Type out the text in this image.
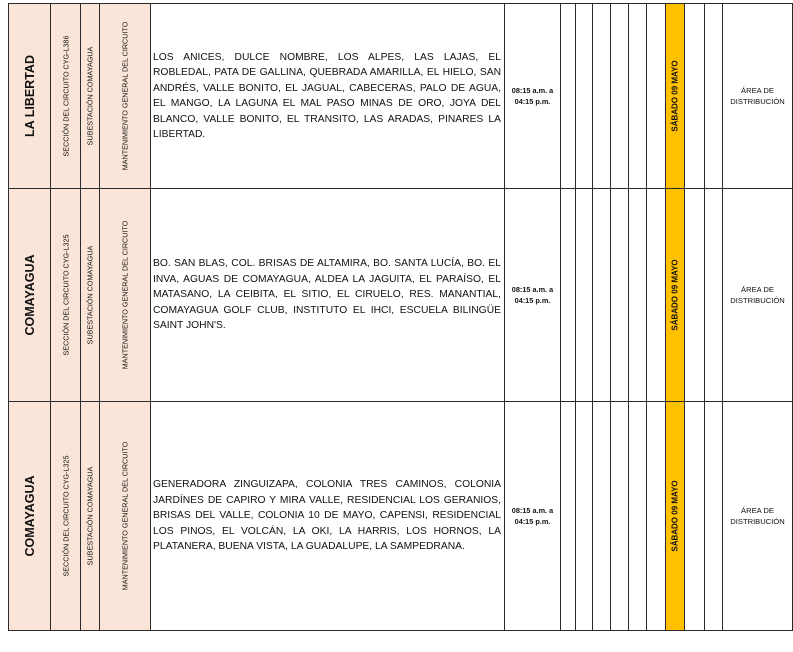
LA LIBERTAD	SECCIÓN DEL CIRCUITO CYG-L386	SUBESTACIÓN COMAYAGUA	MANTENIMIENTO GENERAL DEL CIRCUITO	LOS ANICES, DULCE NOMBRE, LOS ALPES, LAS LAJAS, EL ROBLEDAL, PATA DE GALLINA, QUEBRADA AMARILLA, EL HIELO, SAN ANDRÉS, VALLE BONITO, EL JAGUAL, CABECERAS, PALO DE AGUA, EL MANGO, LA LAGUNA EL MAL PASO MINAS DE ORO, JOYA DEL BLANCO, VALLE BONITO, EL TRANSITO, LAS ARADAS, PINARES LA LIBERTAD.	08:15 a.m. a
04:15 p.m.							SÁBADO 09 MAYO			ÁREA DE
DISTRIBUCIÓN

COMAYAGUA	SECCIÓN DEL CIRCUITO CYG-L325	SUBESTACIÓN COMAYAGUA	MANTENIMIENTO GENERAL DEL CIRCUITO	BO. SAN BLAS, COL. BRISAS DE ALTAMIRA, BO. SANTA LUCÍA, BO. EL INVA, AGUAS DE COMAYAGUA, ALDEA LA JAGUITA, EL PARAÍSO, EL MATASANO, LA CEIBITA, EL SITIO, EL CIRUELO, RES. MANANTIAL, COMAYAGUA GOLF CLUB, INSTITUTO EL IHCI, ESCUELA BILINGÜE SAINT JOHN'S.	08:15 a.m. a
04:15 p.m.							SÁBADO 09 MAYO			ÁREA DE
DISTRIBUCIÓN

COMAYAGUA	SECCIÓN DEL CIRCUITO CYG-L325	SUBESTACIÓN COMAYAGUA	MANTENIMIENTO GENERAL DEL CIRCUITO	GENERADORA ZINGUIZAPA, COLONIA TRES CAMINOS, COLONIA JARDÍNES DE CAPIRO Y MIRA VALLE, RESIDENCIAL LOS GERANIOS, BRISAS DEL VALLE, COLONIA 10 DE MAYO, CAPENSI, RESIDENCIAL LOS PINOS, EL VOLCÁN, LA OKI, LA HARRIS, LOS HORNOS, LA PLATANERA, BUENA VISTA, LA GUADALUPE, LA SAMPEDRANA.	08:15 a.m. a
04:15 p.m.							SÁBADO 09 MAYO			ÁREA DE
DISTRIBUCIÓN
